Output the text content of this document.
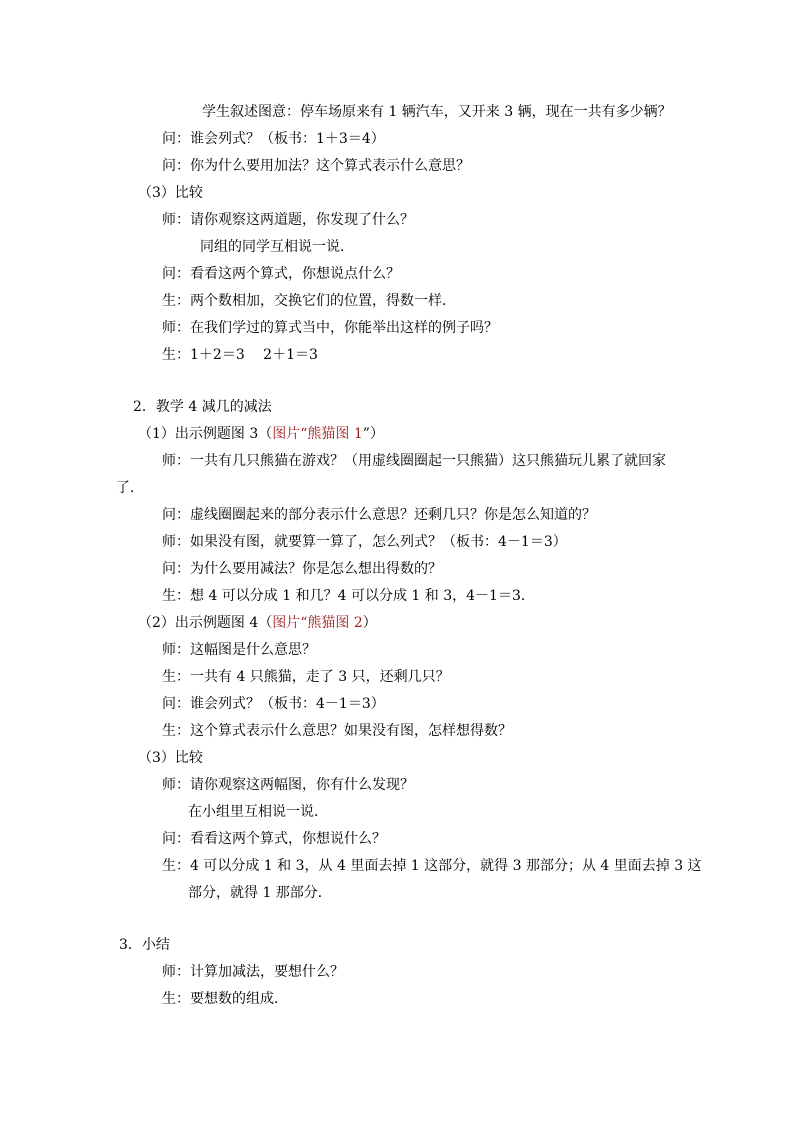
学生叙述图意：停车场原来有 1 辆汽车，又开来 3 辆，现在一共有多少辆？
问：谁会列式？（板书：1＋3＝4）
问：你为什么要用加法？这个算式表示什么意思？
（3）比较
师：请你观察这两道题，你发现了什么？
同组的同学互相说一说．
问：看看这两个算式，你想说点什么？
生：两个数相加，交换它们的位置，得数一样．
师：在我们学过的算式当中，你能举出这样的例子吗？
生：1＋2＝3　 2＋1＝3
2．教学 4 减几的减法
（1）出示例题图 3（图片“熊猫图 1”）
师：一共有几只熊猫在游戏？（用虚线圈圈起一只熊猫）这只熊猫玩儿累了就回家
了．
问：虚线圈圈起来的部分表示什么意思？还剩几只？你是怎么知道的？
师：如果没有图，就要算一算了，怎么列式？（板书：4－1＝3）
问：为什么要用减法？你是怎么想出得数的？
生：想 4 可以分成 1 和几？4 可以分成 1 和 3，4－1＝3．
（2）出示例题图 4（图片“熊猫图 2）
师：这幅图是什么意思？
生：一共有 4 只熊猫，走了 3 只，还剩几只？
问：谁会列式？（板书：4－1＝3）
生：这个算式表示什么意思？如果没有图，怎样想得数？
（3）比较
师：请你观察这两幅图，你有什么发现？
在小组里互相说一说．
问：看看这两个算式，你想说什么？
生：4 可以分成 1 和 3，从 4 里面去掉 1 这部分，就得 3 那部分；从 4 里面去掉 3 这
部分，就得 1 那部分．
3．小结
师：计算加减法，要想什么？
生：要想数的组成．
